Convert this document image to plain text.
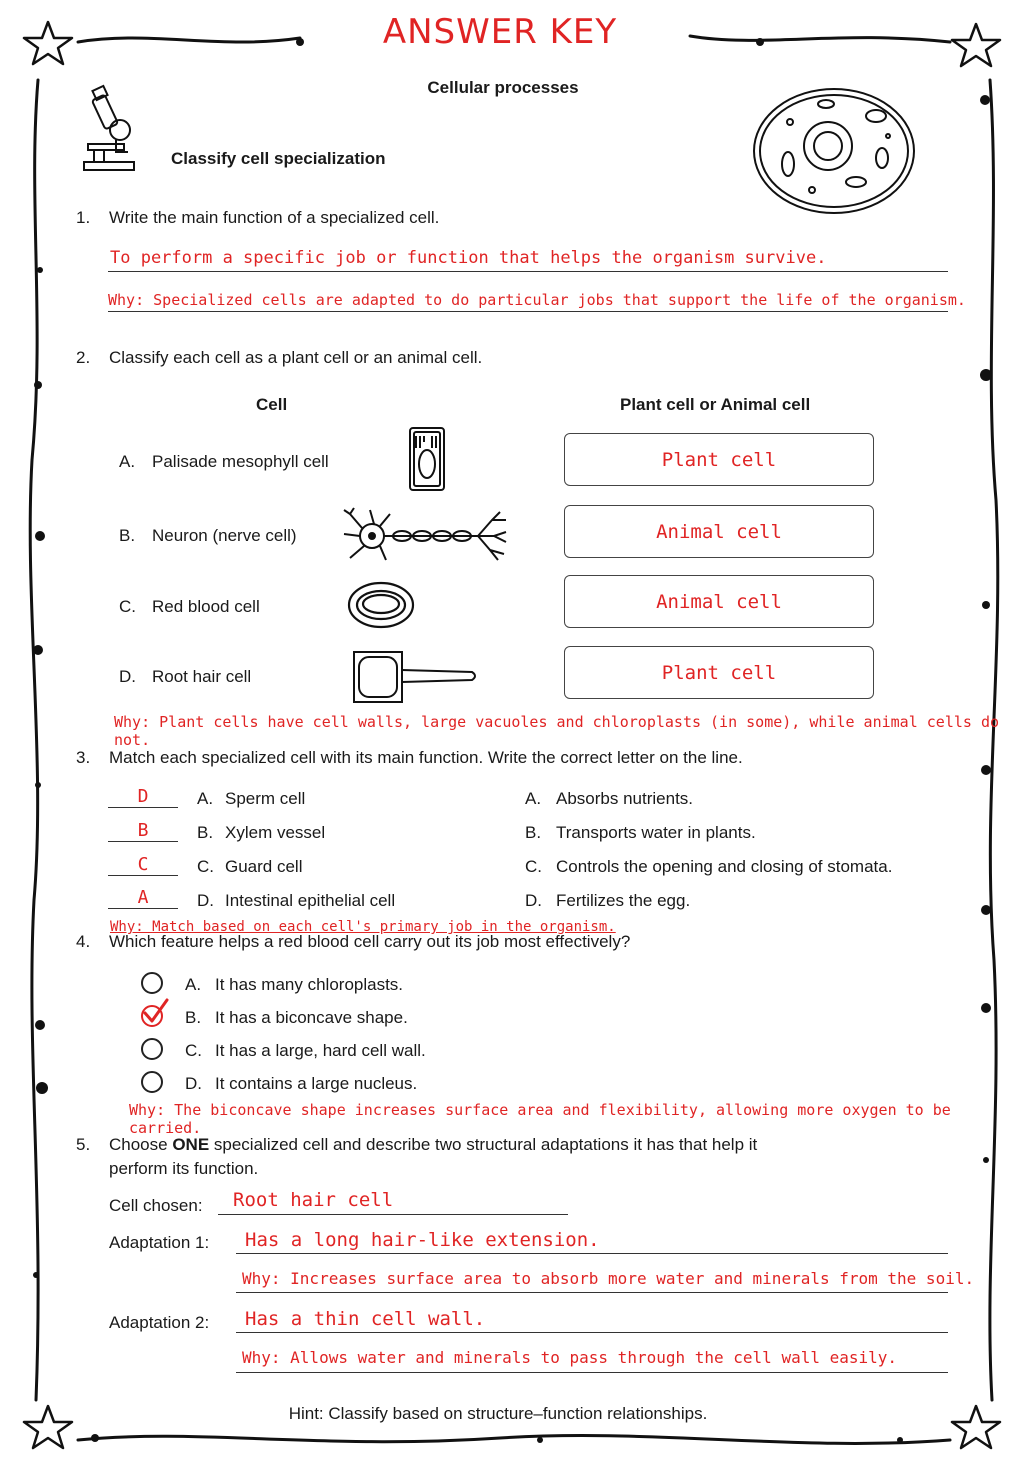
ANSWER KEY
Cellular processes
Classify cell specialization
1. Write the main function of a specialized cell.
To perform a specific job or function that helps the organism survive.
Why: Specialized cells are adapted to do particular jobs that support the life of the organism.
2. Classify each cell as a plant cell or an animal cell.
Cell	Plant cell or Animal cell
A. Palisade mesophyll cell
B. Neuron (nerve cell)
C. Red blood cell
D. Root hair cell
Plant cell
Animal cell
Animal cell
Plant cell
Why: Plant cells have cell walls, large vacuoles and chloroplasts (in some), while animal cells do not.
3. Match each specialized cell with its main function. Write the correct letter on the line.
D
B
C
A
A. Sperm cell
B. Xylem vessel
C. Guard cell
D. Intestinal epithelial cell
A. Absorbs nutrients.
B. Transports water in plants.
C. Controls the opening and closing of stomata.
D. Fertilizes the egg.
Why: Match based on each cell's primary job in the organism.
4. Which feature helps a red blood cell carry out its job most effectively?
A. It has many chloroplasts.
B. It has a biconcave shape.
C. It has a large, hard cell wall.
D. It contains a large nucleus.
Why: The biconcave shape increases surface area and flexibility, allowing more oxygen to be carried.
5. Choose ONE specialized cell and describe two structural adaptations it has that help it
perform its function.
Cell chosen: Root hair cell
Adaptation 1: Has a long hair-like extension.
Why: Increases surface area to absorb more water and minerals from the soil.
Adaptation 2: Has a thin cell wall.
Why: Allows water and minerals to pass through the cell wall easily.
Hint: Classify based on structure–function relationships.
